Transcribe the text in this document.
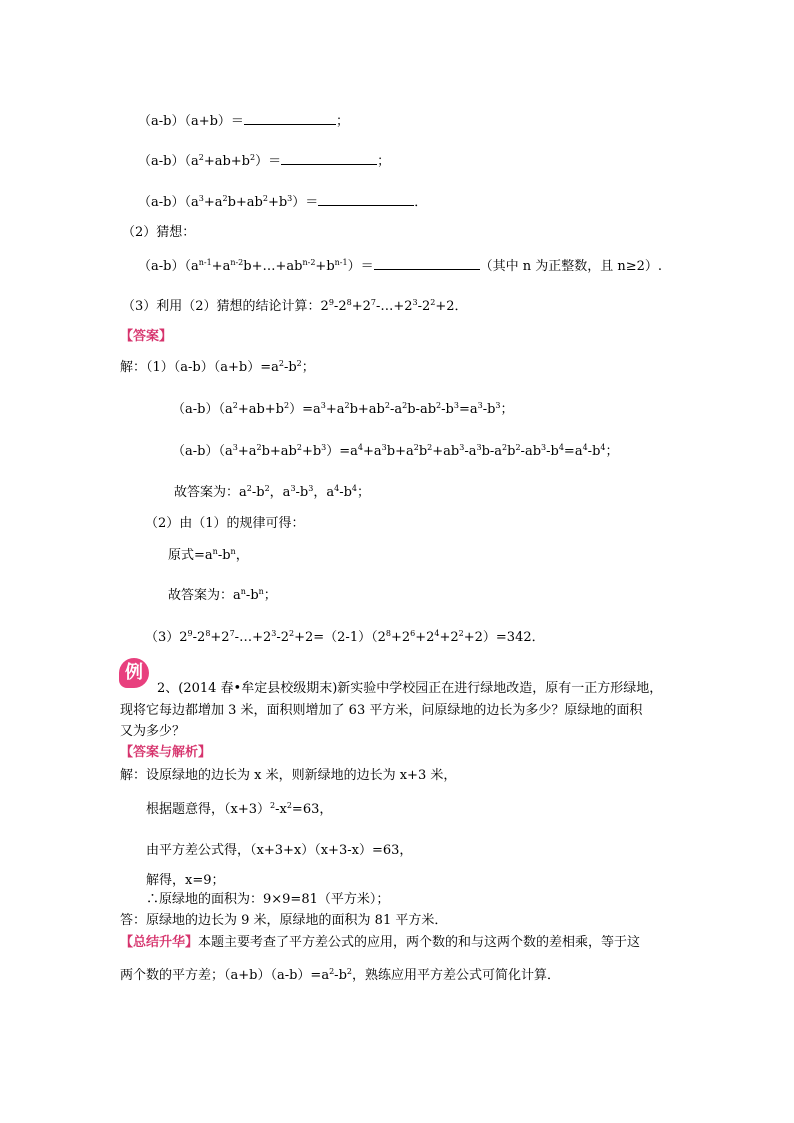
（a-b）（a+b）＝	；
$(a-b)(a^2+ab+b^2)=$	；
$(a-b)(a^3+a^2b+ab^2+b^3)=$	．
（2）猜想：
$(a-b)(a^{n-1}+a^{n-2}b+\dots+ab^{n-2}+b^{n-1})=$	（其中 n 为正整数，且 n≥2）.
（3）利用（2）猜想的结论计算：$2^9-2^8+2^7-\dots+2^3-2^2+2$．
【答案】
解：$(1)(a-b)(a+b)=a^2-b^2$；
$(a-b)(a^2+ab+b^2)=a^3+a^2b+ab^2-a^2b-ab^2-b^3=a^3-b^3$；
$(a-b)(a^3+a^2b+ab^2+b^3)=a^4+a^3b+a^2b^2+ab^3-a^3b-a^2b^2-ab^3-b^4=a^4-b^4$；
故答案为：$a^2-b^2$，$a^3-b^3$，$a^4-b^4$；
（2）由（1）的规律可得：
原式$=a^n-b^n$，
故答案为：$a^n-b^n$；
$(3)2^9-2^8+2^7-\dots+2^3-2^2+2=(2-1)(2^8+2^6+2^4+2^2+2)=342$．
例
2、(2014 春•牟定县校级期末)新实验中学校园正在进行绿地改造，原有一正方形绿地，
现将它每边都增加 3 米，面积则增加了 63 平方米，问原绿地的边长为多少？原绿地的面积
又为多少？
【答案与解析】
解：设原绿地的边长为 x 米，则新绿地的边长为 x+3 米，
根据题意得，$(x+3)^2-x^2=63$，
由平方差公式得，（x+3+x）（x+3-x）=63，
解得，x=9；
∴原绿地的面积为：9×9=81（平方米）；
答：原绿地的边长为 9 米，原绿地的面积为 81 平方米．
【总结升华】本题主要考查了平方差公式的应用，两个数的和与这两个数的差相乘，等于这
两个数的平方差；$(a+b)(a-b)=a^2-b^2$，熟练应用平方差公式可简化计算．
